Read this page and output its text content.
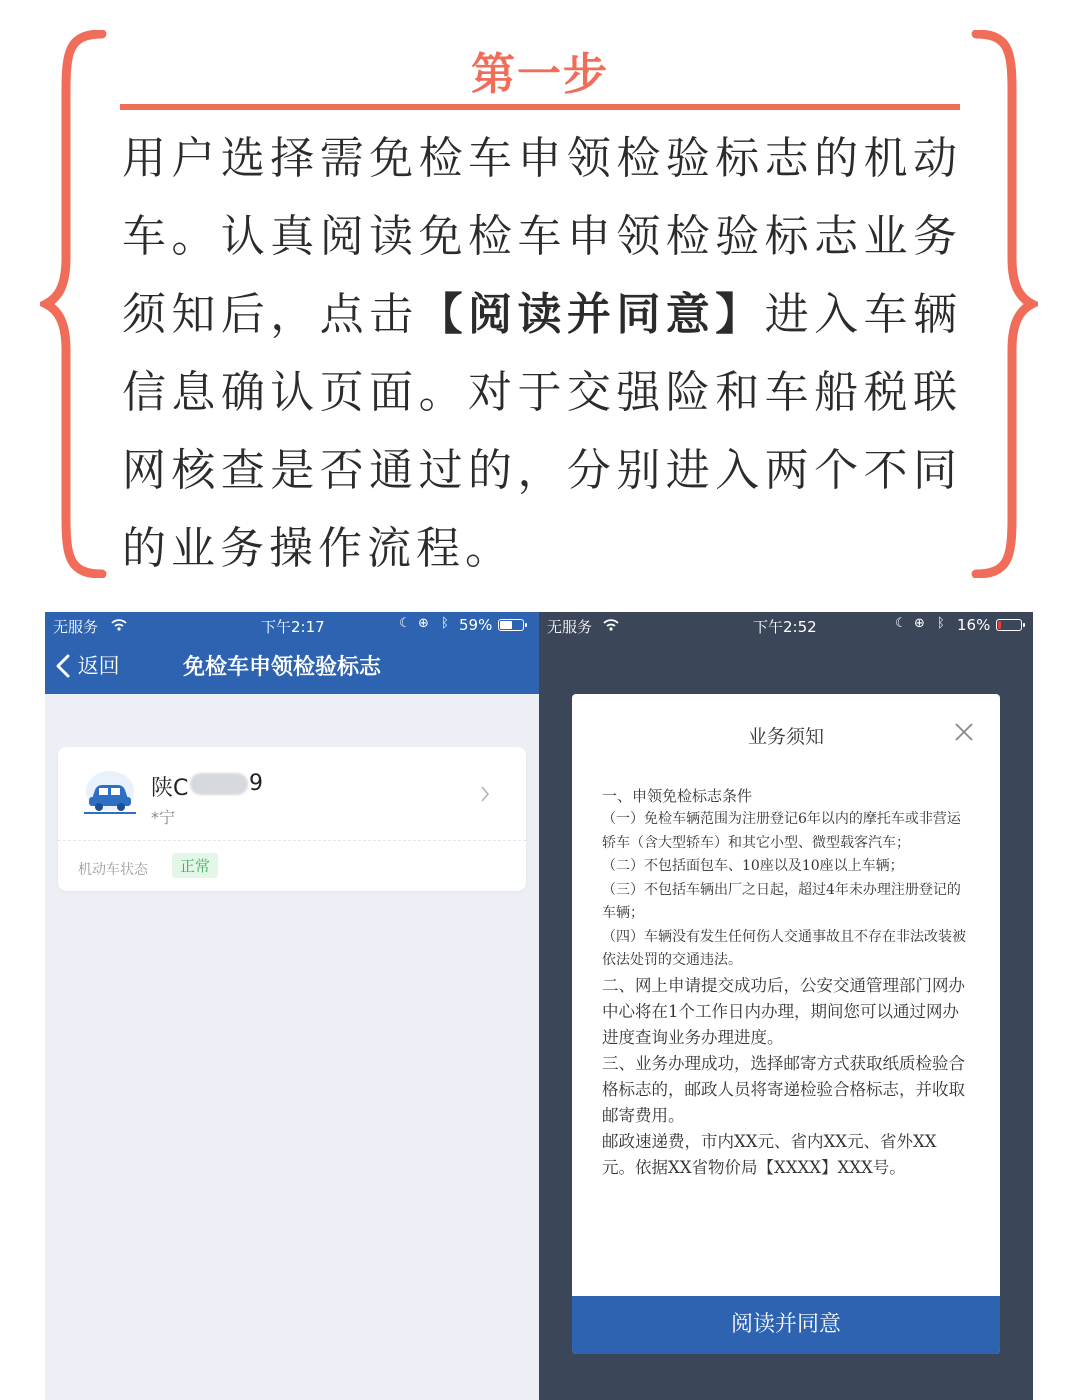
第一步
用户选择需免检车申领检验标志的机动车。认真阅读免检车申领检验标志业务须知后，点击【阅读并同意】进入车辆信息确认页面。对于交强险和车船税联网核查是否通过的，分别进入两个不同的业务操作流程。
无服务	下午2:17	☾ ⊕ ᛒ 59%
返回	免检车申领检验标志
陕C	9
*宁
机动车状态	正常
无服务	下午2:52	☾ ⊕ ᛒ 16%
业务须知

一、申领免检标志条件

（一）免检车辆范围为注册登记6年以内的摩托车或非营运轿车（含大型轿车）和其它小型、微型载客汽车；

（二）不包括面包车、10座以及10座以上车辆；

（三）不包括车辆出厂之日起，超过4年未办理注册登记的车辆；

（四）车辆没有发生任何伤人交通事故且不存在非法改装被依法处罚的交通违法。

二、网上申请提交成功后，公安交通管理部门网办中心将在1个工作日内办理，期间您可以通过网办进度查询业务办理进度。

三、业务办理成功，选择邮寄方式获取纸质检验合格标志的，邮政人员将寄递检验合格标志，并收取邮寄费用。

邮政速递费，市内XX元、省内XX元、省外XX元。依据XX省物价局【XXXX】XXX号。

阅读并同意
